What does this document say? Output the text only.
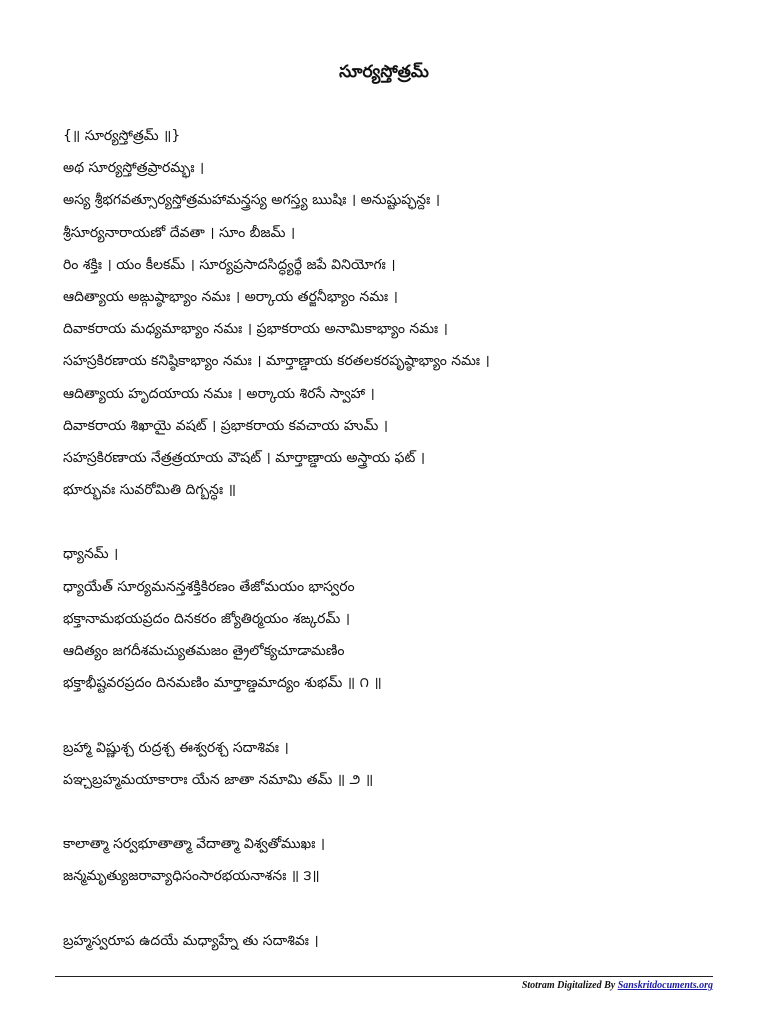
సూర్యస్తోత్రమ్
{॥ సూర్యస్తోత్రమ్ ॥}
అథ సూర్యస్తోత్రప్రారమ్భః ।
అస్య శ్రీభగవత్సూర్యస్తోత్రమహామన్త్రస్య అగస్త్య ఋషిః । అనుష్టుప్ఛన్దః ।
శ్రీసూర్యనారాయణో దేవతా । సూం బీజమ్ ।
రిం శక్తిః । యం కీలకమ్ । సూర్యప్రసాదసిద్ధ్యర్థే జపే వినియోగః ।
ఆదిత్యాయ అఙ్గుష్ఠాభ్యాం నమః । అర్కాయ తర్జనీభ్యాం నమః ।
దివాకరాయ మధ్యమాభ్యాం నమః । ప్రభాకరాయ అనామికాభ్యాం నమః ।
సహస్రకిరణాయ కనిష్ఠికాభ్యాం నమః । మార్తాణ్డాయ కరతలకరపృష్ఠాభ్యాం నమః ।
ఆదిత్యాయ హృదయాయ నమః । అర్కాయ శిరసే స్వాహా ।
దివాకరాయ శిఖాయై వషట్ । ప్రభాకరాయ కవచాయ హుమ్ ।
సహస్రకిరణాయ నేత్రత్రయాయ వౌషట్ । మార్తాణ్డాయ అస్త్రాయ ఫట్ ।
భూర్భువః సువరోమితి దిగ్బన్ధః ॥
ధ్యానమ్ ।
ధ్యాయేత్ సూర్యమనన్తశక్తికిరణం తేజోమయం భాస్వరం
భక్తానామభయప్రదం దినకరం జ్యోతిర్మయం శఙ్కరమ్ ।
ఆదిత్యం జగదీశమచ్యుతమజం త్రైలోక్యచూడామణిం
భక్తాభీష్టవరప్రదం దినమణిం మార్తాణ్డమాద్యం శుభమ్ ॥ ౧ ॥
బ్రహ్మా విష్ణుశ్చ రుద్రశ్చ ఈశ్వరశ్చ సదాశివః ।
పఞ్చబ్రహ్మమయాకారాః యేన జాతా నమామి తమ్ ॥ ౨ ॥
కాలాత్మా సర్వభూతాత్మా వేదాత్మా విశ్వతోముఖః ।
జన్మమృత్యుజరావ్యాధిసంసారభయనాశనః ॥ ౩॥
బ్రహ్మస్వరూప ఉదయే మధ్యాహ్నే తు సదాశివః ।
Stotram Digitalized By Sanskritdocuments.org
